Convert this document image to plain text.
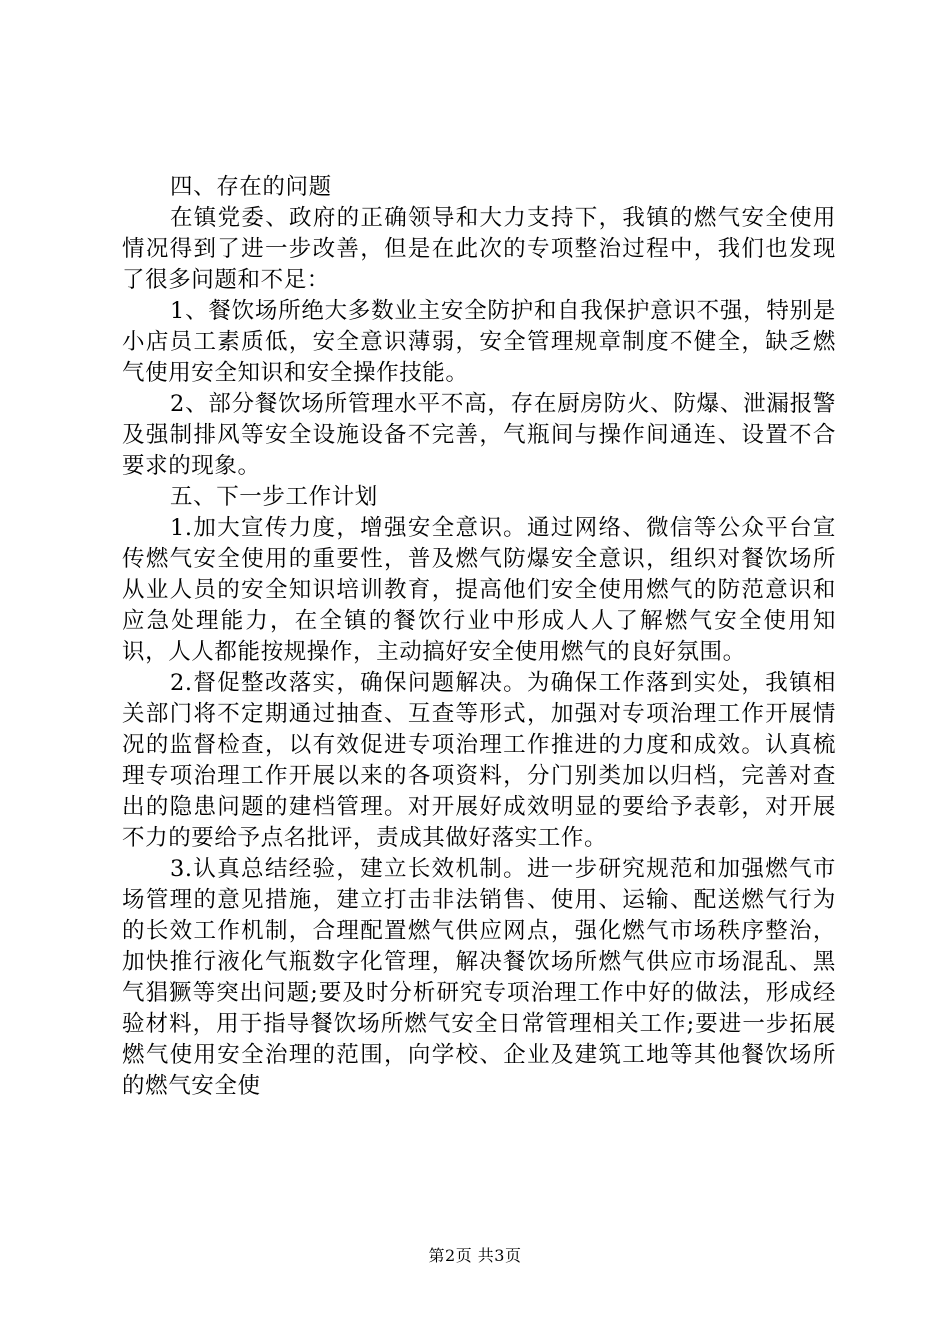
四、存在的问题

在镇党委、政府的正确领导和大力支持下，我镇的燃气安全使用情况得到了进一步改善，但是在此次的专项整治过程中，我们也发现了很多问题和不足：

1、餐饮场所绝大多数业主安全防护和自我保护意识不强，特别是小店员工素质低，安全意识薄弱，安全管理规章制度不健全，缺乏燃气使用安全知识和安全操作技能。

2、部分餐饮场所管理水平不高，存在厨房防火、防爆、泄漏报警及强制排风等安全设施设备不完善，气瓶间与操作间通连、设置不合要求的现象。

五、下一步工作计划

1.加大宣传力度，增强安全意识。通过网络、微信等公众平台宣传燃气安全使用的重要性，普及燃气防爆安全意识，组织对餐饮场所从业人员的安全知识培训教育，提高他们安全使用燃气的防范意识和应急处理能力，在全镇的餐饮行业中形成人人了解燃气安全使用知识，人人都能按规操作，主动搞好安全使用燃气的良好氛围。

2.督促整改落实，确保问题解决。为确保工作落到实处，我镇相关部门将不定期通过抽查、互查等形式，加强对专项治理工作开展情况的监督检查，以有效促进专项治理工作推进的力度和成效。认真梳理专项治理工作开展以来的各项资料，分门别类加以归档，完善对查出的隐患问题的建档管理。对开展好成效明显的要给予表彰，对开展不力的要给予点名批评，责成其做好落实工作。

3.认真总结经验，建立长效机制。进一步研究规范和加强燃气市场管理的意见措施，建立打击非法销售、使用、运输、配送燃气行为的长效工作机制，合理配置燃气供应网点，强化燃气市场秩序整治，加快推行液化气瓶数字化管理，解决餐饮场所燃气供应市场混乱、黑气猖獗等突出问题;要及时分析研究专项治理工作中好的做法，形成经验材料，用于指导餐饮场所燃气安全日常管理相关工作;要进一步拓展燃气使用安全治理的范围，向学校、企业及建筑工地等其他餐饮场所的燃气安全使

第2页 共3页
